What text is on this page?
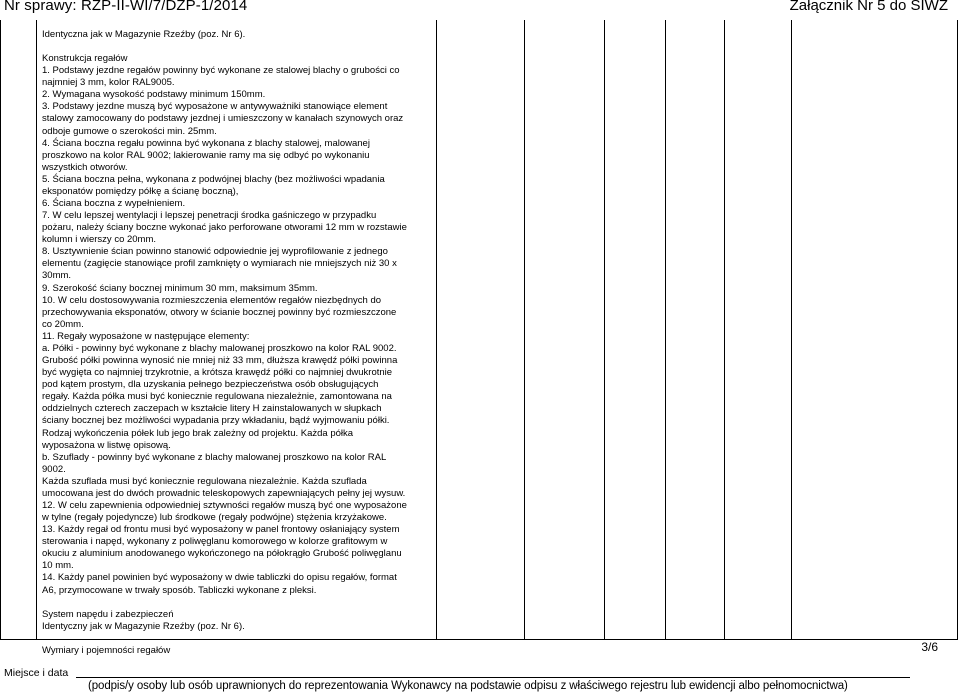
Nr sprawy: RZP-II-WI/7/DZP-1/2014	Załącznik Nr 5 do SIWZ

Identyczna jak w Magazynie Rzeźby (poz. Nr 6).

Konstrukcja regałów

1. Podstawy jezdne regałów powinny być wykonane ze stalowej blachy o grubości co

najmniej 3 mm, kolor RAL9005.

2. Wymagana wysokość podstawy minimum 150mm.

3. Podstawy jezdne muszą być wyposażone w antywyważniki stanowiące element

stalowy zamocowany do podstawy jezdnej i umieszczony w kanałach szynowych oraz

odboje gumowe o szerokości min. 25mm.

4. Ściana boczna regału powinna być wykonana z blachy stalowej, malowanej

proszkowo na kolor RAL 9002; lakierowanie ramy ma się odbyć po wykonaniu

wszystkich otworów.

5. Ściana boczna pełna, wykonana z podwójnej blachy (bez możliwości wpadania

eksponatów pomiędzy półkę a ścianę boczną),

6. Ściana boczna z wypełnieniem.

7. W celu lepszej wentylacji i lepszej penetracji środka gaśniczego w przypadku

pożaru, należy ściany boczne wykonać jako perforowane otworami 12 mm w rozstawie

kolumn i wierszy co 20mm.

8. Usztywnienie ścian powinno stanowić odpowiednie jej wyprofilowanie z jednego

elementu (zagięcie stanowiące profil zamknięty o wymiarach nie mniejszych niż 30 x

30mm.

9. Szerokość ściany bocznej minimum 30 mm, maksimum 35mm.

10. W celu dostosowywania rozmieszczenia elementów regałów niezbędnych do

przechowywania eksponatów, otwory w ścianie bocznej powinny być rozmieszczone

co 20mm.

11. Regały wyposażone w następujące elementy:

a. Półki - powinny być wykonane z blachy malowanej proszkowo na kolor RAL 9002.

Grubość półki powinna wynosić nie mniej niż 33 mm, dłuższa krawędź półki powinna

być wygięta co najmniej trzykrotnie, a krótsza krawędź półki co najmniej dwukrotnie

pod kątem prostym, dla uzyskania pełnego bezpieczeństwa osób obsługujących

regały. Każda półka musi być koniecznie regulowana niezależnie, zamontowana na

oddzielnych czterech zaczepach w kształcie litery H zainstalowanych w słupkach

ściany bocznej bez możliwości wypadania przy wkładaniu, bądź wyjmowaniu półki.

Rodzaj wykończenia półek lub jego brak zależny od projektu. Każda półka

wyposażona w listwę opisową.

b. Szuflady - powinny być wykonane z blachy malowanej proszkowo na kolor RAL

9002.

Każda szuflada musi być koniecznie regulowana niezależnie. Każda szuflada

umocowana jest do dwóch prowadnic teleskopowych zapewniających pełny jej wysuw.

12. W celu zapewnienia odpowiedniej sztywności regałów muszą być one wyposażone

w tylne (regały pojedyncze) lub środkowe (regały podwójne) stężenia krzyżakowe.

13. Każdy regał od frontu musi być wyposażony w panel frontowy osłaniający system

sterowania i napęd, wykonany z poliwęglanu komorowego w kolorze grafitowym w

okuciu z aluminium anodowanego wykończonego na półokrągło Grubość poliwęglanu

10 mm.

14. Każdy panel powinien być wyposażony w dwie tabliczki do opisu regałów, format

A6, przymocowane w trwały sposób. Tabliczki wykonane z pleksi.

System napędu i zabezpieczeń

Identyczny jak w Magazynie Rzeźby (poz. Nr 6).

Wymiary i pojemności regałów	3/6
Miejsce i data
(podpis/y osoby lub osób uprawnionych do reprezentowania Wykonawcy na podstawie odpisu z właściwego rejestru lub ewidencji albo pełnomocnictwa)
